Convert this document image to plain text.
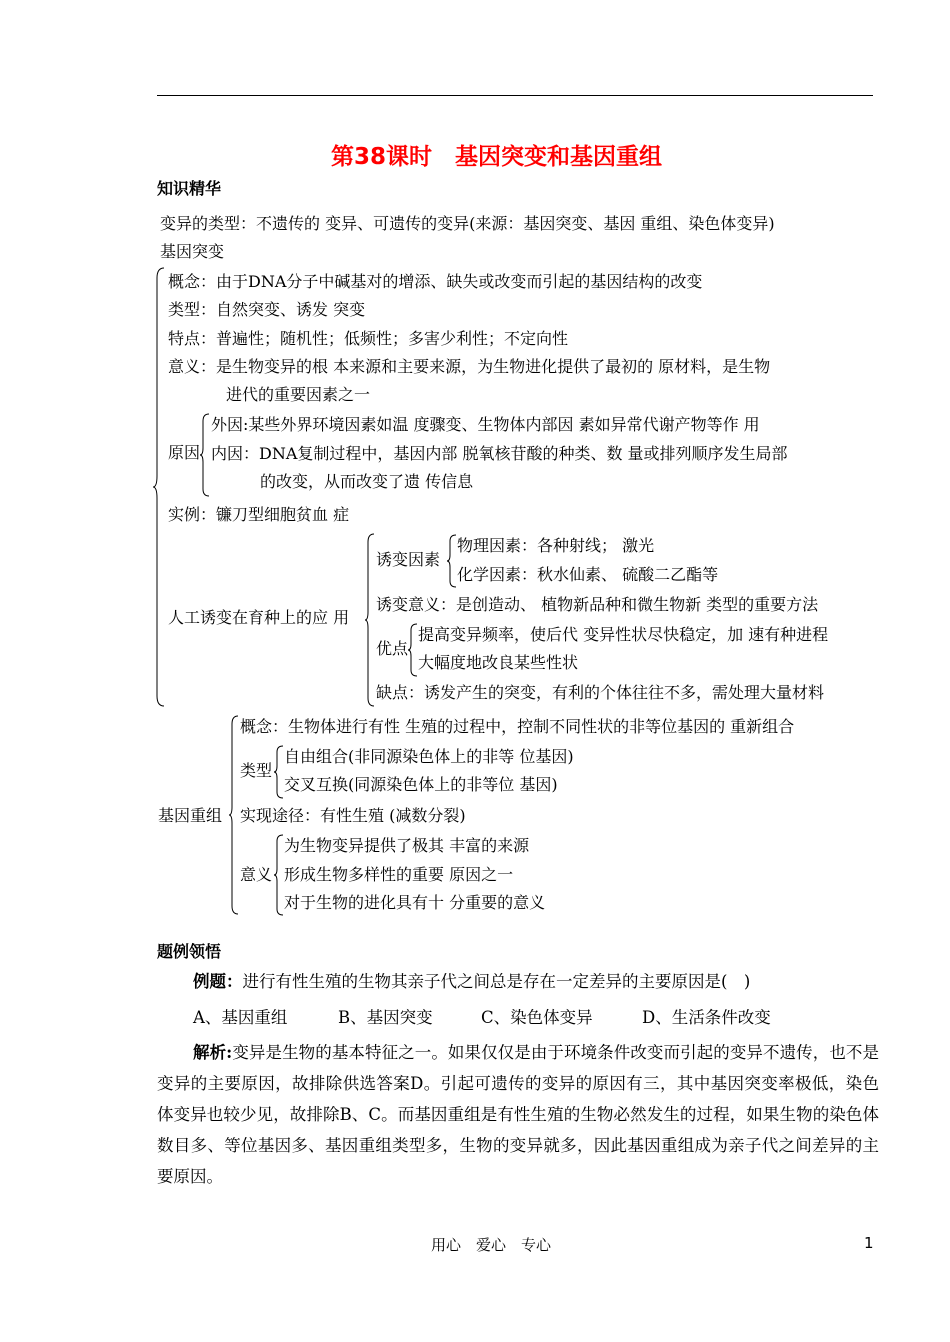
第38课时　基因突变和基因重组
知识精华
变异的类型：不遗传的 变异、可遗传的变异(来源：基因突变、基因 重组、染色体变异)
基因突变
概念：由于DNA分子中碱基对的增添、缺失或改变而引起的基因结构的改变
类型：自然突变、诱发 突变
特点：普遍性；随机性；低频性；多害少利性；不定向性
意义：是生物变异的根 本来源和主要来源，为生物进化提供了最初的 原材料，是生物
进代的重要因素之一
原因
外因:某些外界环境因素如温 度骤变、生物体内部因 素如异常代谢产物等作 用
内因：DNA复制过程中，基因内部 脱氧核苷酸的种类、数 量或排列顺序发生局部
的改变，从而改变了遗 传信息
实例：镰刀型细胞贫血 症
人工诱变在育种上的应 用
诱变因素
物理因素：各种射线； 激光
化学因素：秋水仙素、 硫酸二乙酯等
诱变意义：是创造动、 植物新品种和微生物新 类型的重要方法
优点
提高变异频率，使后代 变异性状尽快稳定，加 速有种进程
大幅度地改良某些性状
缺点：诱发产生的突变，有利的个体往往不多，需处理大量材料
基因重组
概念：生物体进行有性 生殖的过程中，控制不同性状的非等位基因的 重新组合
类型
自由组合(非同源染色体上的非等 位基因)
交叉互换(同源染色体上的非等位 基因)
实现途径：有性生殖 (减数分裂)
意义
为生物变异提供了极其 丰富的来源
形成生物多样性的重要 原因之一
对于生物的进化具有十 分重要的意义
题例领悟
例题：进行有性生殖的生物其亲子代之间总是存在一定差异的主要原因是(　)
A、基因重组	B、基因突变	C、染色体变异	D、生活条件改变
解析:变异是生物的基本特征之一。如果仅仅是由于环境条件改变而引起的变异不遗传，也不是变异的主要原因，故排除供选答案D。引起可遗传的变异的原因有三，其中基因突变率极低，染色体变异也较少见，故排除B、C。而基因重组是有性生殖的生物必然发生的过程，如果生物的染色体数目多、等位基因多、基因重组类型多，生物的变异就多，因此基因重组成为亲子代之间差异的主要原因。
用心　爱心　专心	1
